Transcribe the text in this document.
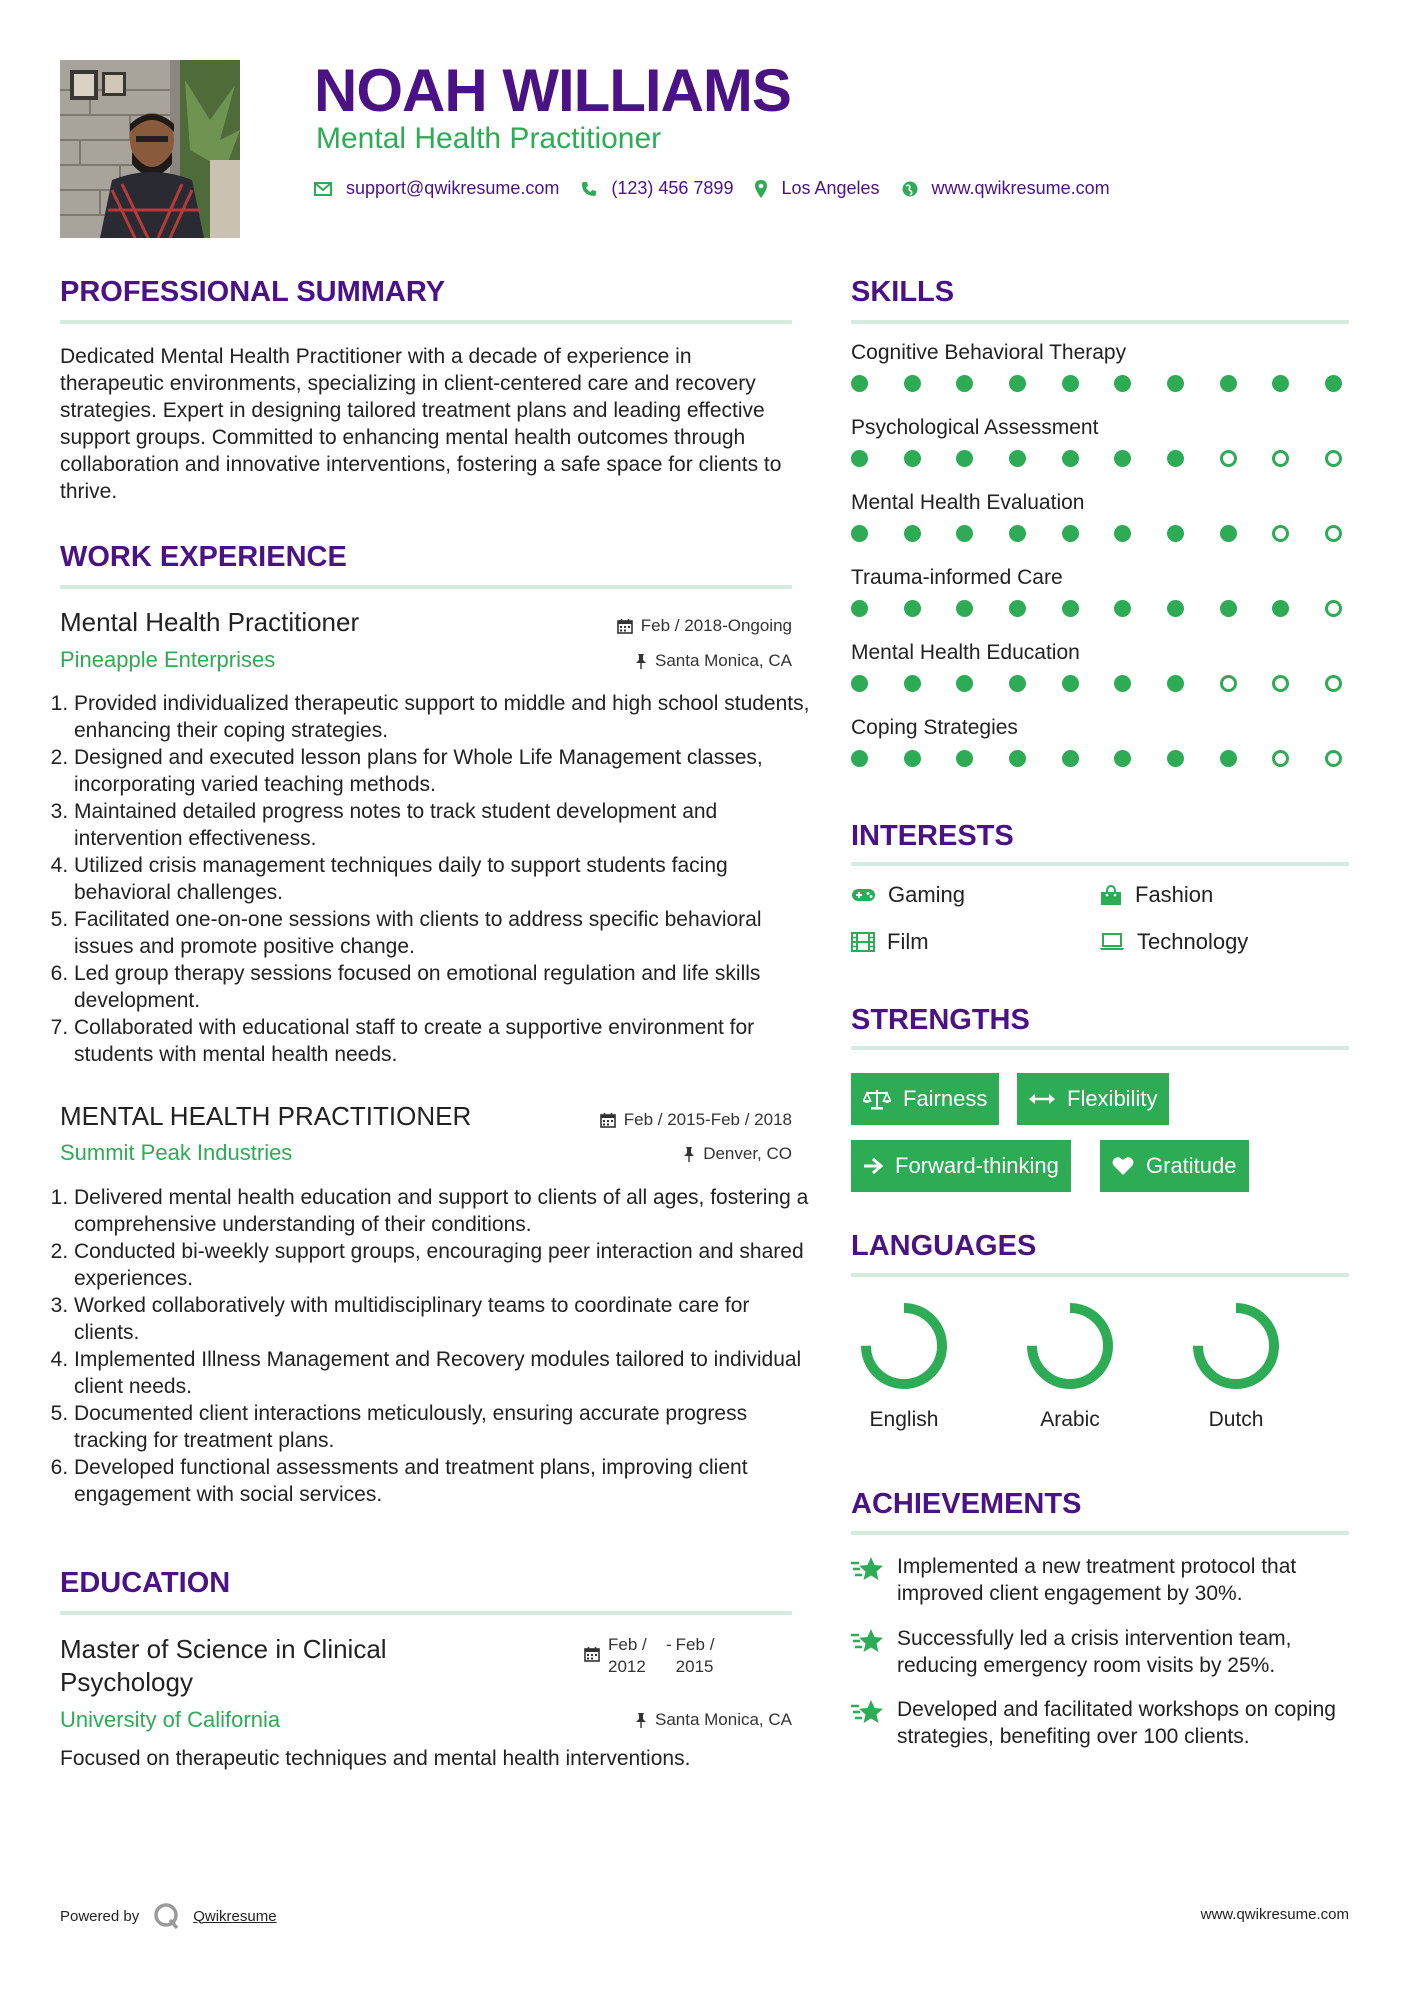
NOAH WILLIAMS
Mental Health Practitioner
support@qwikresume.com	(123) 456 7899	Los Angeles	www.qwikresume.com
PROFESSIONAL SUMMARY
Dedicated Mental Health Practitioner with a decade of experience in therapeutic environments, specializing in client-centered care and recovery strategies. Expert in designing tailored treatment plans and leading effective support groups. Committed to enhancing mental health outcomes through collaboration and innovative interventions, fostering a safe space for clients to thrive.
WORK EXPERIENCE
Mental Health Practitioner	Feb / 2018-Ongoing
Pineapple Enterprises	Santa Monica, CA
1. Provided individualized therapeutic support to middle and high school students, enhancing their coping strategies.
2. Designed and executed lesson plans for Whole Life Management classes, incorporating varied teaching methods.
3. Maintained detailed progress notes to track student development and intervention effectiveness.
4. Utilized crisis management techniques daily to support students facing behavioral challenges.
5. Facilitated one-on-one sessions with clients to address specific behavioral issues and promote positive change.
6. Led group therapy sessions focused on emotional regulation and life skills development.
7. Collaborated with educational staff to create a supportive environment for students with mental health needs.
MENTAL HEALTH PRACTITIONER	Feb / 2015-Feb / 2018
Summit Peak Industries	Denver, CO
1. Delivered mental health education and support to clients of all ages, fostering a comprehensive understanding of their conditions.
2. Conducted bi-weekly support groups, encouraging peer interaction and shared experiences.
3. Worked collaboratively with multidisciplinary teams to coordinate care for clients.
4. Implemented Illness Management and Recovery modules tailored to individual client needs.
5. Documented client interactions meticulously, ensuring accurate progress tracking for treatment plans.
6. Developed functional assessments and treatment plans, improving client engagement with social services.
EDUCATION
Master of Science in Clinical Psychology
Feb / 2012
- Feb / 2015
University of California	Santa Monica, CA
Focused on therapeutic techniques and mental health interventions.
SKILLS
Cognitive Behavioral Therapy
Psychological Assessment
Mental Health Evaluation
Trauma-informed Care
Mental Health Education
Coping Strategies
INTERESTS
Gaming	Fashion
Film	Technology
STRENGTHS
Fairness	Flexibility
Forward-thinking	Gratitude
LANGUAGES
English	Arabic	Dutch
ACHIEVEMENTS
Implemented a new treatment protocol that improved client engagement by 30%.
Successfully led a crisis intervention team, reducing emergency room visits by 25%.
Developed and facilitated workshops on coping strategies, benefiting over 100 clients.
Powered by	Qwikresume	www.qwikresume.com
